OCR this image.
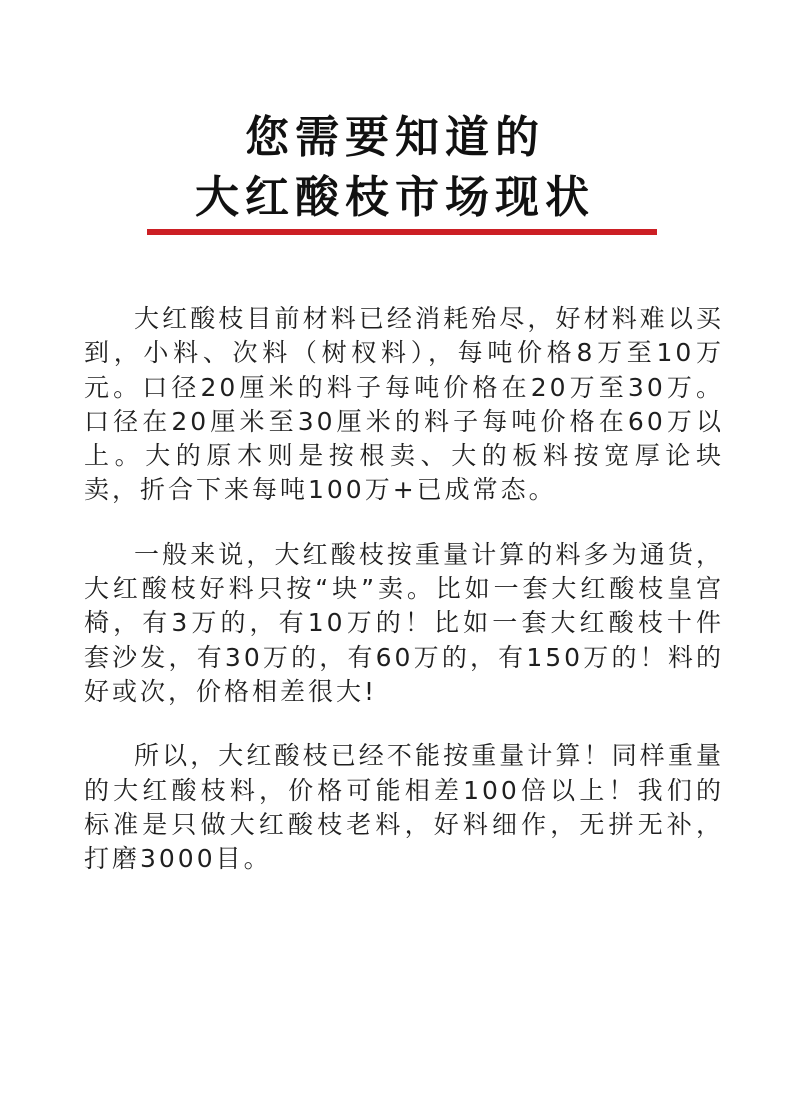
您需要知道的
大红酸枝市场现状

大红酸枝目前材料已经消耗殆尽，好材料难以买到，小料、次料（树杈料），每吨价格8万至10万元。口径20厘米的料子每吨价格在20万至30万。口径在20厘米至30厘米的料子每吨价格在60万以上。大的原木则是按根卖、大的板料按宽厚论块卖，折合下来每吨100万+已成常态。

一般来说，大红酸枝按重量计算的料多为通货，大红酸枝好料只按“块”卖。比如一套大红酸枝皇宫椅，有3万的，有10万的！比如一套大红酸枝十件套沙发，有30万的，有60万的，有150万的！料的好或次，价格相差很大!

所以，大红酸枝已经不能按重量计算！同样重量的大红酸枝料，价格可能相差100倍以上！我们的标准是只做大红酸枝老料，好料细作，无拼无补，打磨3000目。
